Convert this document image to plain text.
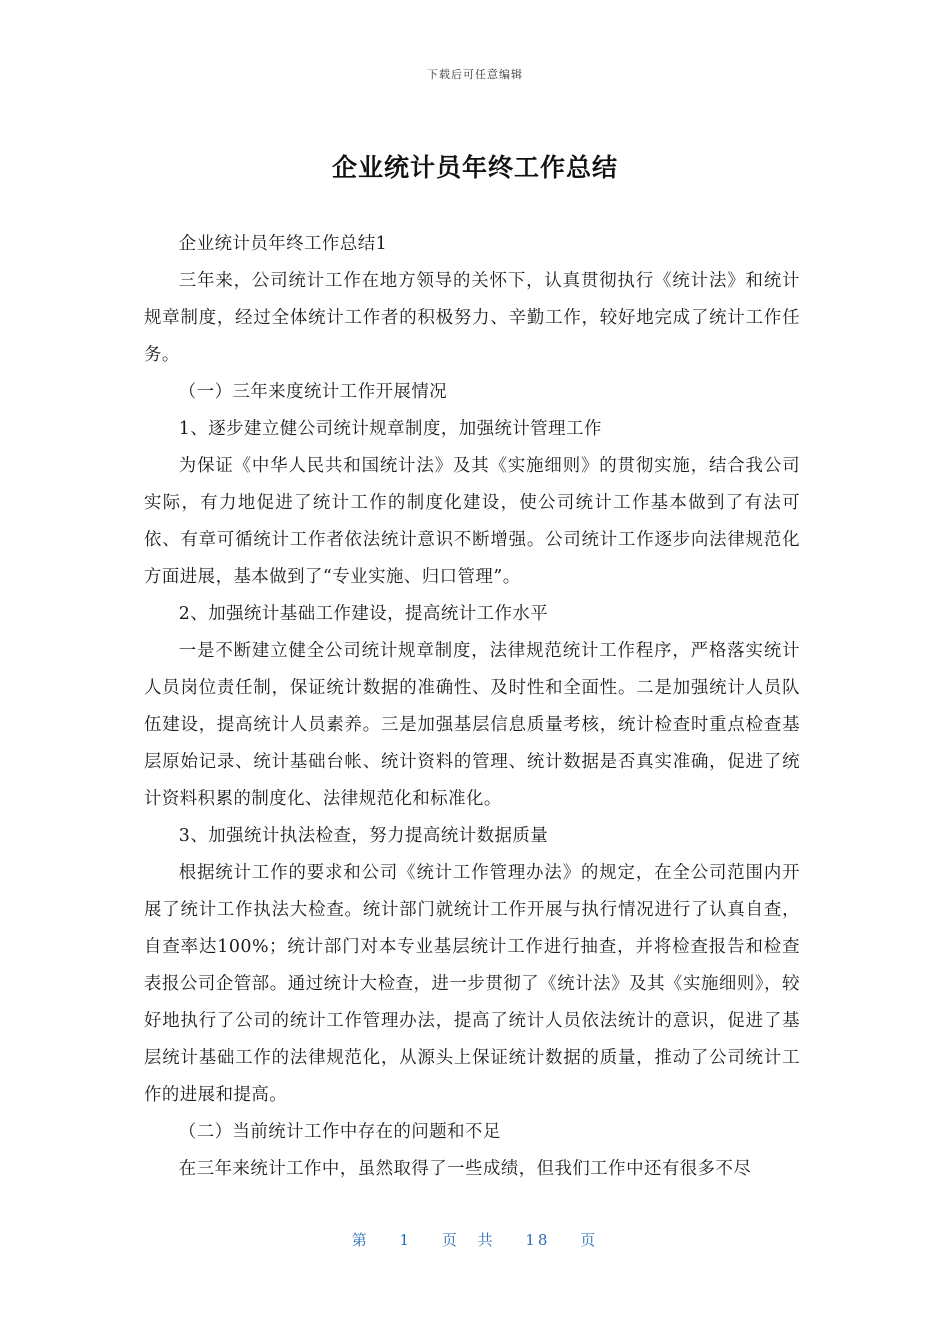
下载后可任意编辑
企业统计员年终工作总结

企业统计员年终工作总结1

三年来，公司统计工作在地方领导的关怀下，认真贯彻执行《统计法》和统计规章制度，经过全体统计工作者的积极努力、辛勤工作，较好地完成了统计工作任务。

（一）三年来度统计工作开展情况

1、逐步建立健公司统计规章制度，加强统计管理工作

为保证《中华人民共和国统计法》及其《实施细则》的贯彻实施，结合我公司实际，有力地促进了统计工作的制度化建设，使公司统计工作基本做到了有法可依、有章可循统计工作者依法统计意识不断增强。公司统计工作逐步向法律规范化方面进展，基本做到了“专业实施、归口管理”。

2、加强统计基础工作建设，提高统计工作水平

一是不断建立健全公司统计规章制度，法律规范统计工作程序，严格落实统计人员岗位责任制，保证统计数据的准确性、及时性和全面性。二是加强统计人员队伍建设，提高统计人员素养。三是加强基层信息质量考核，统计检查时重点检查基层原始记录、统计基础台帐、统计资料的管理、统计数据是否真实准确，促进了统计资料积累的制度化、法律规范化和标准化。

3、加强统计执法检查，努力提高统计数据质量

根据统计工作的要求和公司《统计工作管理办法》的规定，在全公司范围内开展了统计工作执法大检查。统计部门就统计工作开展与执行情况进行了认真自查，自查率达100%；统计部门对本专业基层统计工作进行抽查，并将检查报告和检查表报公司企管部。通过统计大检查，进一步贯彻了《统计法》及其《实施细则》，较好地执行了公司的统计工作管理办法，提高了统计人员依法统计的意识，促进了基层统计基础工作的法律规范化，从源头上保证统计数据的质量，推动了公司统计工作的进展和提高。

（二）当前统计工作中存在的问题和不足

在三年来统计工作中，虽然取得了一些成绩，但我们工作中还有很多不尽

第 1 页 共 18 页
